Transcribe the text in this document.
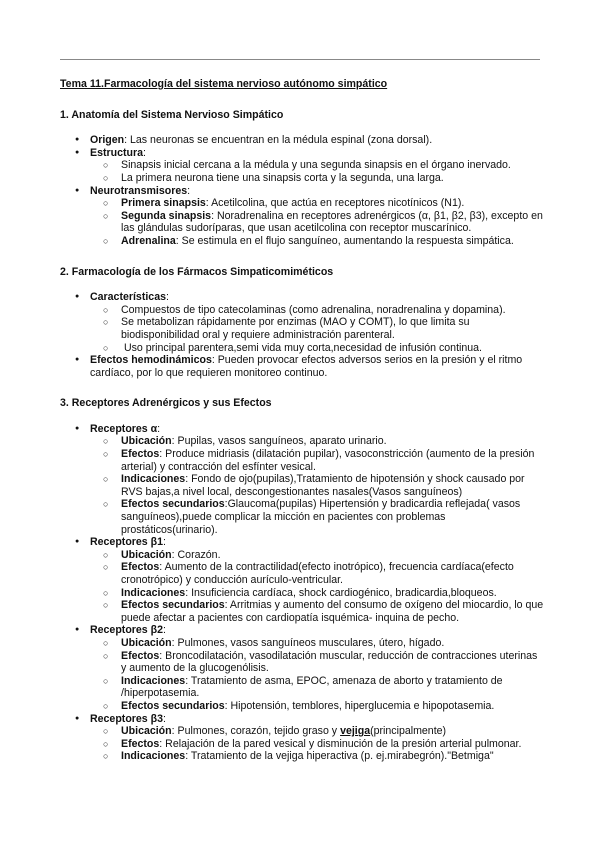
Tema 11.Farmacología del sistema nervioso autónomo simpático

1. Anatomía del Sistema Nervioso Simpático
● Origen: Las neuronas se encuentran en la médula espinal (zona dorsal).
● Estructura:
○ Sinapsis inicial cercana a la médula y una segunda sinapsis en el órgano inervado.
○ La primera neurona tiene una sinapsis corta y la segunda, una larga.
● Neurotransmisores:
○ Primera sinapsis: Acetilcolina, que actúa en receptores nicotínicos (N1).
○ Segunda sinapsis: Noradrenalina en receptores adrenérgicos (α, β1, β2, β3), excepto en las glándulas sudoríparas, que usan acetilcolina con receptor muscarínico.
○ Adrenalina: Se estimula en el flujo sanguíneo, aumentando la respuesta simpática.
2. Farmacología de los Fármacos Simpaticomiméticos
● Características:
○ Compuestos de tipo catecolaminas (como adrenalina, noradrenalina y dopamina).
○ Se metabolizan rápidamente por enzimas (MAO y COMT), lo que limita su biodisponibilidad oral y requiere administración parenteral.
○  Uso principal parentera,semi vida muy corta,necesidad de infusión continua.
● Efectos hemodinámicos: Pueden provocar efectos adversos serios en la presión y el ritmo cardíaco, por lo que requieren monitoreo continuo.
3. Receptores Adrenérgicos y sus Efectos
● Receptores α:
○ Ubicación: Pupilas, vasos sanguíneos, aparato urinario.
○ Efectos: Produce midriasis (dilatación pupilar), vasoconstricción (aumento de la presión arterial) y contracción del esfínter vesical.
○ Indicaciones: Fondo de ojo(pupilas),Tratamiento de hipotensión y shock causado por RVS bajas,a nivel local, descongestionantes nasales(Vasos sanguíneos)
○ Efectos secundarios:Glaucoma(pupilas) Hipertensión y bradicardia reflejada( vasos sanguíneos),puede complicar la micción en pacientes con problemas prostáticos(urinario).
● Receptores β1:
○ Ubicación: Corazón.
○ Efectos: Aumento de la contractilidad(efecto inotrópico), frecuencia cardíaca(efecto cronotrópico) y conducción aurículo-ventricular.
○ Indicaciones: Insuficiencia cardíaca, shock cardiogénico, bradicardia,bloqueos.
○ Efectos secundarios: Arritmias y aumento del consumo de oxígeno del miocardio, lo que puede afectar a pacientes con cardiopatía isquémica- inquina de pecho.
● Receptores β2:
○ Ubicación: Pulmones, vasos sanguíneos musculares, útero, hígado.
○ Efectos: Broncodilatación, vasodilatación muscular, reducción de contracciones uterinas y aumento de la glucogenólisis.
○ Indicaciones: Tratamiento de asma, EPOC, amenaza de aborto y tratamiento de /hiperpotasemia.
○ Efectos secundarios: Hipotensión, temblores, hiperglucemia e hipopotasemia.
● Receptores β3:
○ Ubicación: Pulmones, corazón, tejido graso y vejiga(principalmente)
○ Efectos: Relajación de la pared vesical y disminución de la presión arterial pulmonar.
○ Indicaciones: Tratamiento de la vejiga hiperactiva (p. ej.mirabegrón)."Betmiga"
